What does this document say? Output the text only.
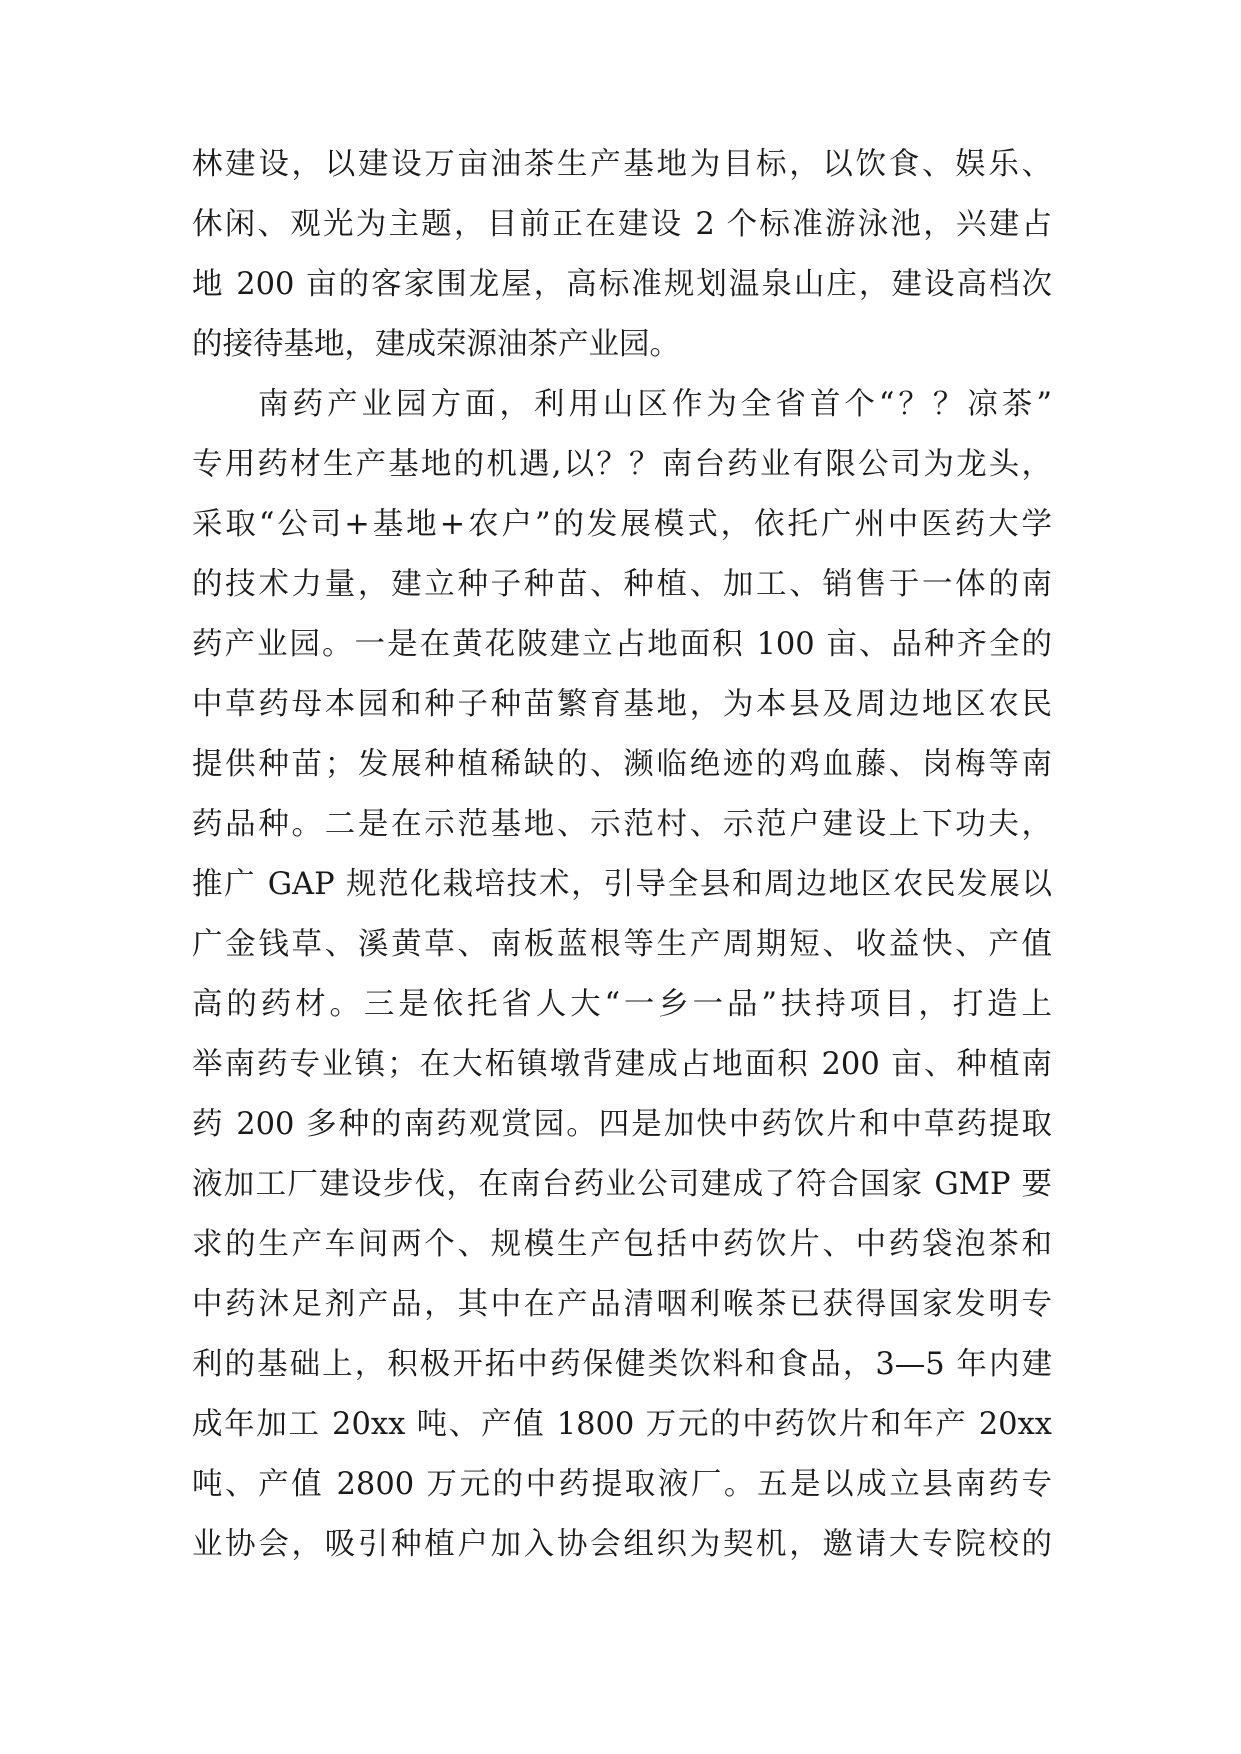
林建设，以建设万亩油茶生产基地为目标，以饮食、娱乐、
休闲、观光为主题，目前正在建设 2 个标准游泳池，兴建占
地 200 亩的客家围龙屋，高标准规划温泉山庄，建设高档次
的接待基地，建成荣源油茶产业园。
南药产业园方面，利用山区作为全省首个“？？凉茶”
专用药材生产基地的机遇,以？？南台药业有限公司为龙头，
采取“公司+基地+农户”的发展模式，依托广州中医药大学
的技术力量，建立种子种苗、种植、加工、销售于一体的南
药产业园。一是在黄花陂建立占地面积 100 亩、品种齐全的
中草药母本园和种子种苗繁育基地，为本县及周边地区农民
提供种苗；发展种植稀缺的、濒临绝迹的鸡血藤、岗梅等南
药品种。二是在示范基地、示范村、示范户建设上下功夫，
推广 GAP 规范化栽培技术，引导全县和周边地区农民发展以
广金钱草、溪黄草、南板蓝根等生产周期短、收益快、产值
高的药材。三是依托省人大“一乡一品”扶持项目，打造上
举南药专业镇；在大柘镇墩背建成占地面积 200 亩、种植南
药 200 多种的南药观赏园。四是加快中药饮片和中草药提取
液加工厂建设步伐，在南台药业公司建成了符合国家 GMP 要
求的生产车间两个、规模生产包括中药饮片、中药袋泡茶和
中药沐足剂产品，其中在产品清咽利喉茶已获得国家发明专
利的基础上，积极开拓中药保健类饮料和食品，3—5 年内建
成年加工 20xx 吨、产值 1800 万元的中药饮片和年产 20xx
吨、产值 2800 万元的中药提取液厂。五是以成立县南药专
业协会，吸引种植户加入协会组织为契机，邀请大专院校的
